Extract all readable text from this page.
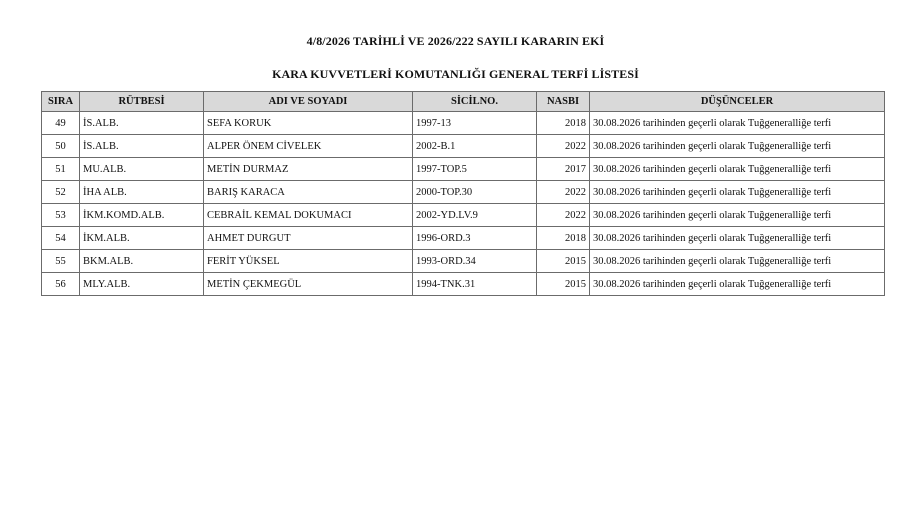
4/8/2026 TARİHLİ VE 2026/222 SAYILI KARARIN EKİ
KARA KUVVETLERİ KOMUTANLIĞI GENERAL TERFİ LİSTESİ
SIRA	RÜTBESİ	ADI VE SOYADI	SİCİLNO.	NASBI	DÜŞÜNCELER
49	İS.ALB.	SEFA KORUK	1997-13	2018	30.08.2026 tarihinden geçerli olarak Tuğgeneralliğe terfi
50	İS.ALB.	ALPER ÖNEM CİVELEK	2002-B.1	2022	30.08.2026 tarihinden geçerli olarak Tuğgeneralliğe terfi
51	MU.ALB.	METİN DURMAZ	1997-TOP.5	2017	30.08.2026 tarihinden geçerli olarak Tuğgeneralliğe terfi
52	İHA ALB.	BARIŞ KARACA	2000-TOP.30	2022	30.08.2026 tarihinden geçerli olarak Tuğgeneralliğe terfi
53	İKM.KOMD.ALB.	CEBRAİL KEMAL DOKUMACI	2002-YD.LV.9	2022	30.08.2026 tarihinden geçerli olarak Tuğgeneralliğe terfi
54	İKM.ALB.	AHMET DURGUT	1996-ORD.3	2018	30.08.2026 tarihinden geçerli olarak Tuğgeneralliğe terfi
55	BKM.ALB.	FERİT YÜKSEL	1993-ORD.34	2015	30.08.2026 tarihinden geçerli olarak Tuğgeneralliğe terfi
56	MLY.ALB.	METİN ÇEKMEGÜL	1994-TNK.31	2015	30.08.2026 tarihinden geçerli olarak Tuğgeneralliğe terfi
